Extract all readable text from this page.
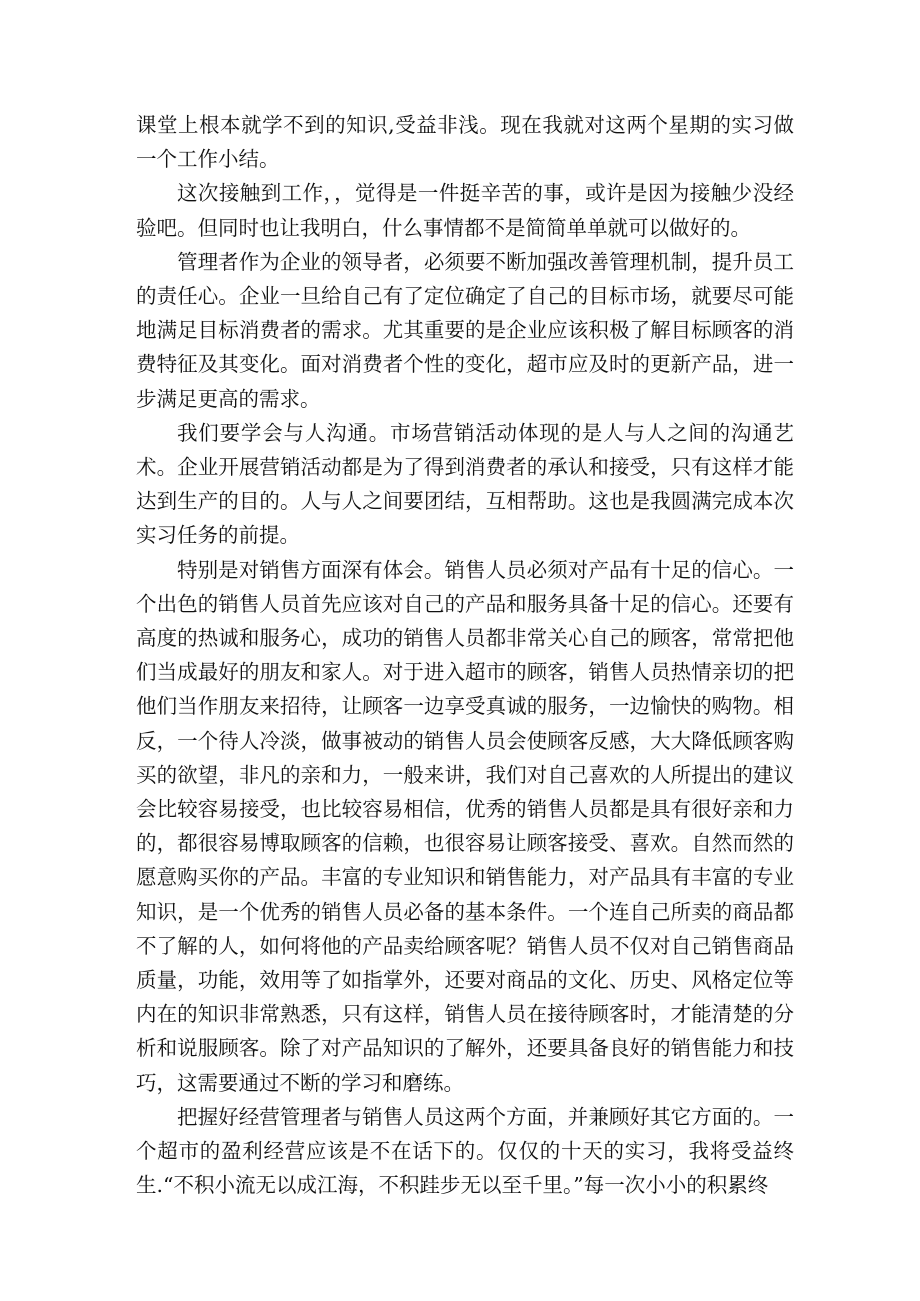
课堂上根本就学不到的知识,受益非浅。现在我就对这两个星期的实习做一个工作小结。

这次接触到工作，，觉得是一件挺辛苦的事，或许是因为接触少没经验吧。但同时也让我明白，什么事情都不是简简单单就可以做好的。

管理者作为企业的领导者，必须要不断加强改善管理机制，提升员工的责任心。企业一旦给自己有了定位确定了自己的目标市场，就要尽可能地满足目标消费者的需求。尤其重要的是企业应该积极了解目标顾客的消费特征及其变化。面对消费者个性的变化，超市应及时的更新产品，进一步满足更高的需求。

我们要学会与人沟通。市场营销活动体现的是人与人之间的沟通艺术。企业开展营销活动都是为了得到消费者的承认和接受，只有这样才能达到生产的目的。人与人之间要团结，互相帮助。这也是我圆满完成本次实习任务的前提。

特别是对销售方面深有体会。销售人员必须对产品有十足的信心。一个出色的销售人员首先应该对自己的产品和服务具备十足的信心。还要有高度的热诚和服务心，成功的销售人员都非常关心自己的顾客，常常把他们当成最好的朋友和家人。对于进入超市的顾客，销售人员热情亲切的把他们当作朋友来招待，让顾客一边享受真诚的服务，一边愉快的购物。相反，一个待人冷淡，做事被动的销售人员会使顾客反感，大大降低顾客购买的欲望，非凡的亲和力，一般来讲，我们对自己喜欢的人所提出的建议会比较容易接受，也比较容易相信，优秀的销售人员都是具有很好亲和力的，都很容易博取顾客的信赖，也很容易让顾客接受、喜欢。自然而然的愿意购买你的产品。丰富的专业知识和销售能力，对产品具有丰富的专业知识，是一个优秀的销售人员必备的基本条件。一个连自己所卖的商品都不了解的人，如何将他的产品卖给顾客呢？销售人员不仅对自己销售商品质量，功能，效用等了如指掌外，还要对商品的文化、历史、风格定位等内在的知识非常熟悉，只有这样，销售人员在接待顾客时，才能清楚的分析和说服顾客。除了对产品知识的了解外，还要具备良好的销售能力和技巧，这需要通过不断的学习和磨练。

把握好经营管理者与销售人员这两个方面，并兼顾好其它方面的。一个超市的盈利经营应该是不在话下的。仅仅的十天的实习，我将受益终生.“不积小流无以成江海，不积跬步无以至千里。”每一次小小的积累终
